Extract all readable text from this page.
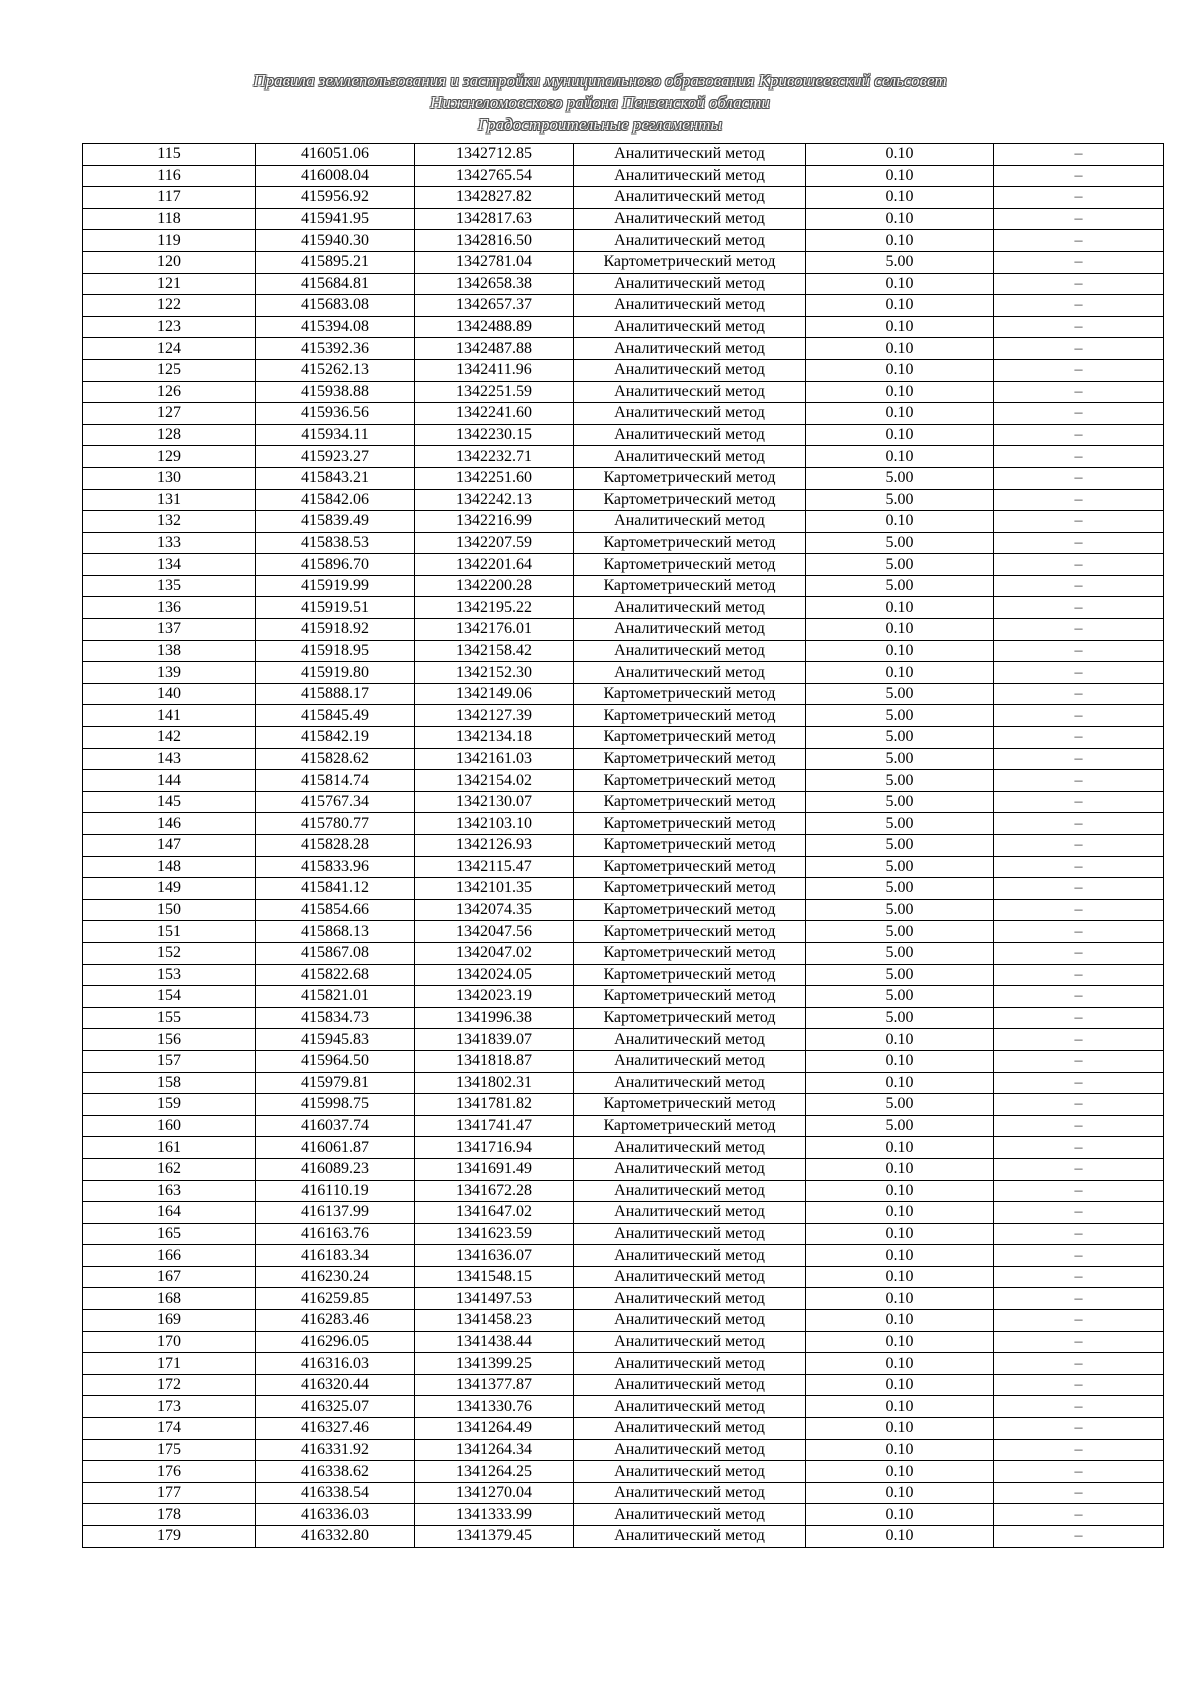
Правила землепользования и застройки муниципального образования Кривошеевский сельсовет
Нижнеломовского района Пензенской области
Градостроительные регламенты
115	416051.06	1342712.85	Аналитический метод	0.10	–
116	416008.04	1342765.54	Аналитический метод	0.10	–
117	415956.92	1342827.82	Аналитический метод	0.10	–
118	415941.95	1342817.63	Аналитический метод	0.10	–
119	415940.30	1342816.50	Аналитический метод	0.10	–
120	415895.21	1342781.04	Картометрический метод	5.00	–
121	415684.81	1342658.38	Аналитический метод	0.10	–
122	415683.08	1342657.37	Аналитический метод	0.10	–
123	415394.08	1342488.89	Аналитический метод	0.10	–
124	415392.36	1342487.88	Аналитический метод	0.10	–
125	415262.13	1342411.96	Аналитический метод	0.10	–
126	415938.88	1342251.59	Аналитический метод	0.10	–
127	415936.56	1342241.60	Аналитический метод	0.10	–
128	415934.11	1342230.15	Аналитический метод	0.10	–
129	415923.27	1342232.71	Аналитический метод	0.10	–
130	415843.21	1342251.60	Картометрический метод	5.00	–
131	415842.06	1342242.13	Картометрический метод	5.00	–
132	415839.49	1342216.99	Аналитический метод	0.10	–
133	415838.53	1342207.59	Картометрический метод	5.00	–
134	415896.70	1342201.64	Картометрический метод	5.00	–
135	415919.99	1342200.28	Картометрический метод	5.00	–
136	415919.51	1342195.22	Аналитический метод	0.10	–
137	415918.92	1342176.01	Аналитический метод	0.10	–
138	415918.95	1342158.42	Аналитический метод	0.10	–
139	415919.80	1342152.30	Аналитический метод	0.10	–
140	415888.17	1342149.06	Картометрический метод	5.00	–
141	415845.49	1342127.39	Картометрический метод	5.00	–
142	415842.19	1342134.18	Картометрический метод	5.00	–
143	415828.62	1342161.03	Картометрический метод	5.00	–
144	415814.74	1342154.02	Картометрический метод	5.00	–
145	415767.34	1342130.07	Картометрический метод	5.00	–
146	415780.77	1342103.10	Картометрический метод	5.00	–
147	415828.28	1342126.93	Картометрический метод	5.00	–
148	415833.96	1342115.47	Картометрический метод	5.00	–
149	415841.12	1342101.35	Картометрический метод	5.00	–
150	415854.66	1342074.35	Картометрический метод	5.00	–
151	415868.13	1342047.56	Картометрический метод	5.00	–
152	415867.08	1342047.02	Картометрический метод	5.00	–
153	415822.68	1342024.05	Картометрический метод	5.00	–
154	415821.01	1342023.19	Картометрический метод	5.00	–
155	415834.73	1341996.38	Картометрический метод	5.00	–
156	415945.83	1341839.07	Аналитический метод	0.10	–
157	415964.50	1341818.87	Аналитический метод	0.10	–
158	415979.81	1341802.31	Аналитический метод	0.10	–
159	415998.75	1341781.82	Картометрический метод	5.00	–
160	416037.74	1341741.47	Картометрический метод	5.00	–
161	416061.87	1341716.94	Аналитический метод	0.10	–
162	416089.23	1341691.49	Аналитический метод	0.10	–
163	416110.19	1341672.28	Аналитический метод	0.10	–
164	416137.99	1341647.02	Аналитический метод	0.10	–
165	416163.76	1341623.59	Аналитический метод	0.10	–
166	416183.34	1341636.07	Аналитический метод	0.10	–
167	416230.24	1341548.15	Аналитический метод	0.10	–
168	416259.85	1341497.53	Аналитический метод	0.10	–
169	416283.46	1341458.23	Аналитический метод	0.10	–
170	416296.05	1341438.44	Аналитический метод	0.10	–
171	416316.03	1341399.25	Аналитический метод	0.10	–
172	416320.44	1341377.87	Аналитический метод	0.10	–
173	416325.07	1341330.76	Аналитический метод	0.10	–
174	416327.46	1341264.49	Аналитический метод	0.10	–
175	416331.92	1341264.34	Аналитический метод	0.10	–
176	416338.62	1341264.25	Аналитический метод	0.10	–
177	416338.54	1341270.04	Аналитический метод	0.10	–
178	416336.03	1341333.99	Аналитический метод	0.10	–
179	416332.80	1341379.45	Аналитический метод	0.10	–
